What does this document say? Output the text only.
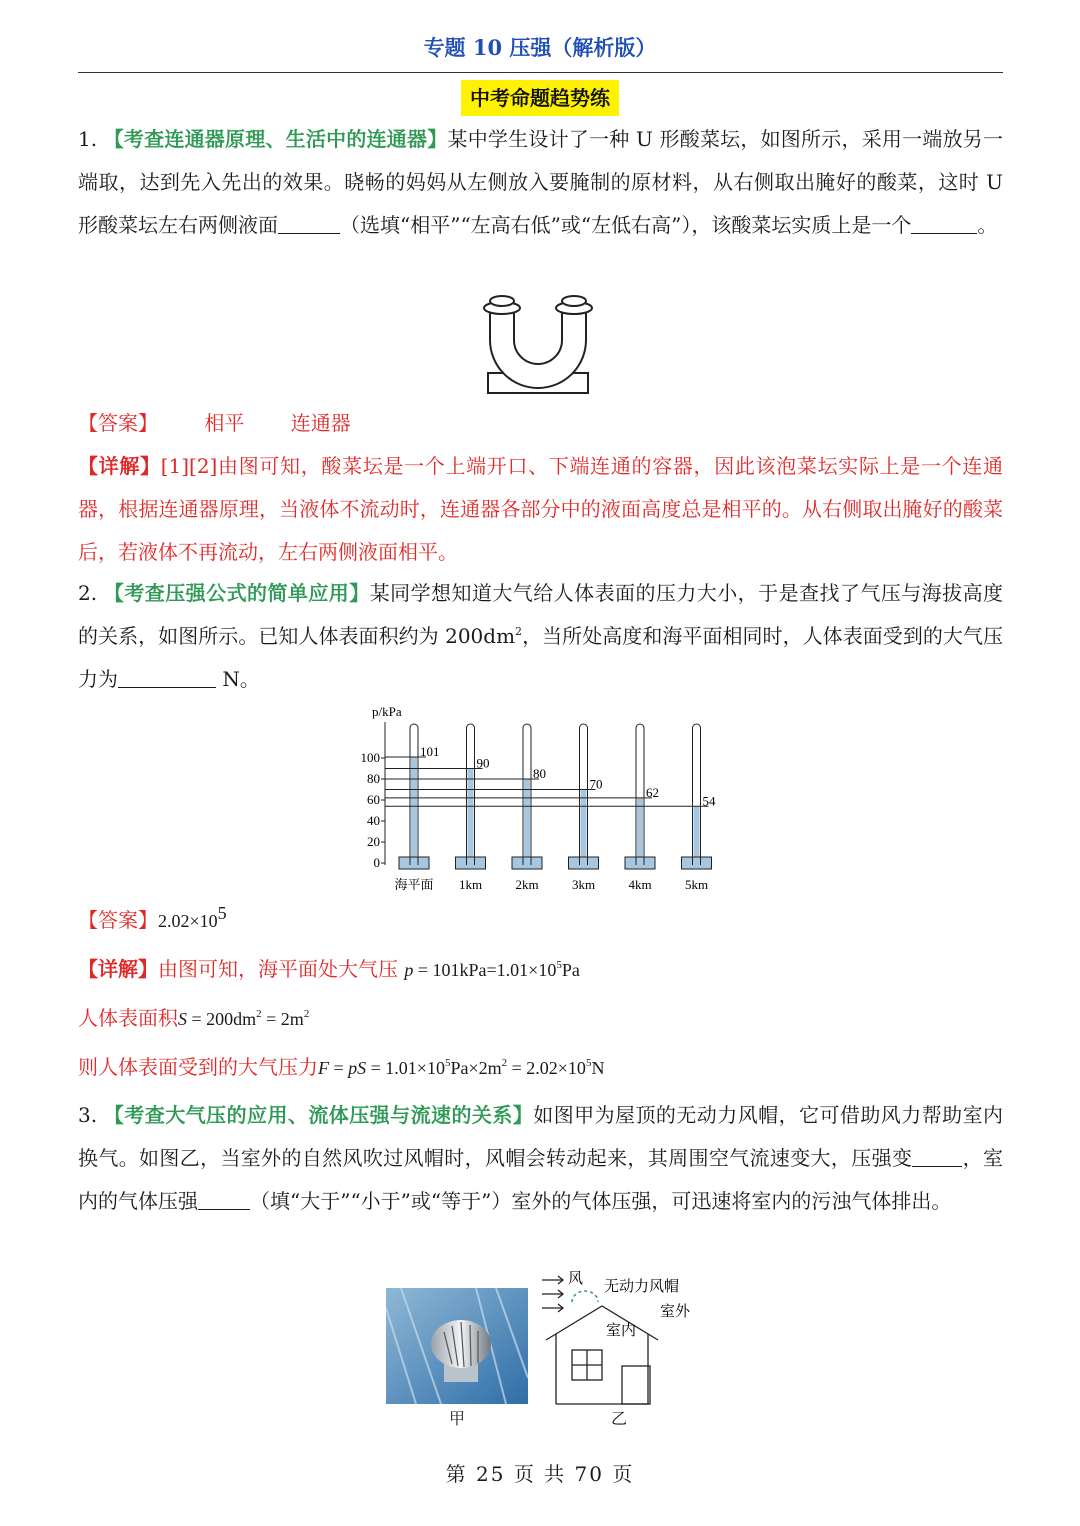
专题 10 压强（解析版）
中考命题趋势练
1. 【考查连通器原理、生活中的连通器】某中学生设计了一种 U 形酸菜坛，如图所示，采用一端放另一端取，达到先入先出的效果。晓畅的妈妈从左侧放入要腌制的原材料，从右侧取出腌好的酸菜，这时 U 形酸菜坛左右两侧液面	（选填“相平”“左高右低”或“左低右高”），该酸菜坛实质上是一个	。
【答案】 相平 连通器
【详解】[1][2]由图可知，酸菜坛是一个上端开口、下端连通的容器，因此该泡菜坛实际上是一个连通器，根据连通器原理，当液体不流动时，连通器各部分中的液面高度总是相平的。从右侧取出腌好的酸菜后，若液体不再流动，左右两侧液面相平。
2. 【考查压强公式的简单应用】某同学想知道大气给人体表面的压力大小，于是查找了气压与海拔高度的关系，如图所示。已知人体表面积约为 $200dm^2$，当所处高度和海平面相同时，人体表面受到的大气压力为	N。
p/kPa
0
20
40
60
80
100	101
海平面
90
1km
80
2km
70
3km
62
4km
54
5km
【答案】$2.02\times 10^5$
【详解】由图可知，海平面处大气压 $p = 101kPa=1.01\times 10^5Pa$
人体表面积$S = 200dm^2 = 2m^2$
则人体表面受到的大气压力F = pS = $1.01\times 10^5Pa\times 2m^2 = 2.02\times 10^5N$
3. 【考查大气压的应用、流体压强与流速的关系】如图甲为屋顶的无动力风帽，它可借助风力帮助室内换气。如图乙，当室外的自然风吹过风帽时，风帽会转动起来，其周围空气流速变大，压强变	，室内的气体压强	（填“大于”“小于”或“等于”）室外的气体压强，可迅速将室内的污浊气体排出。
甲
风 无动力风帽
室外
室内
乙
第 25 页 共 70 页
